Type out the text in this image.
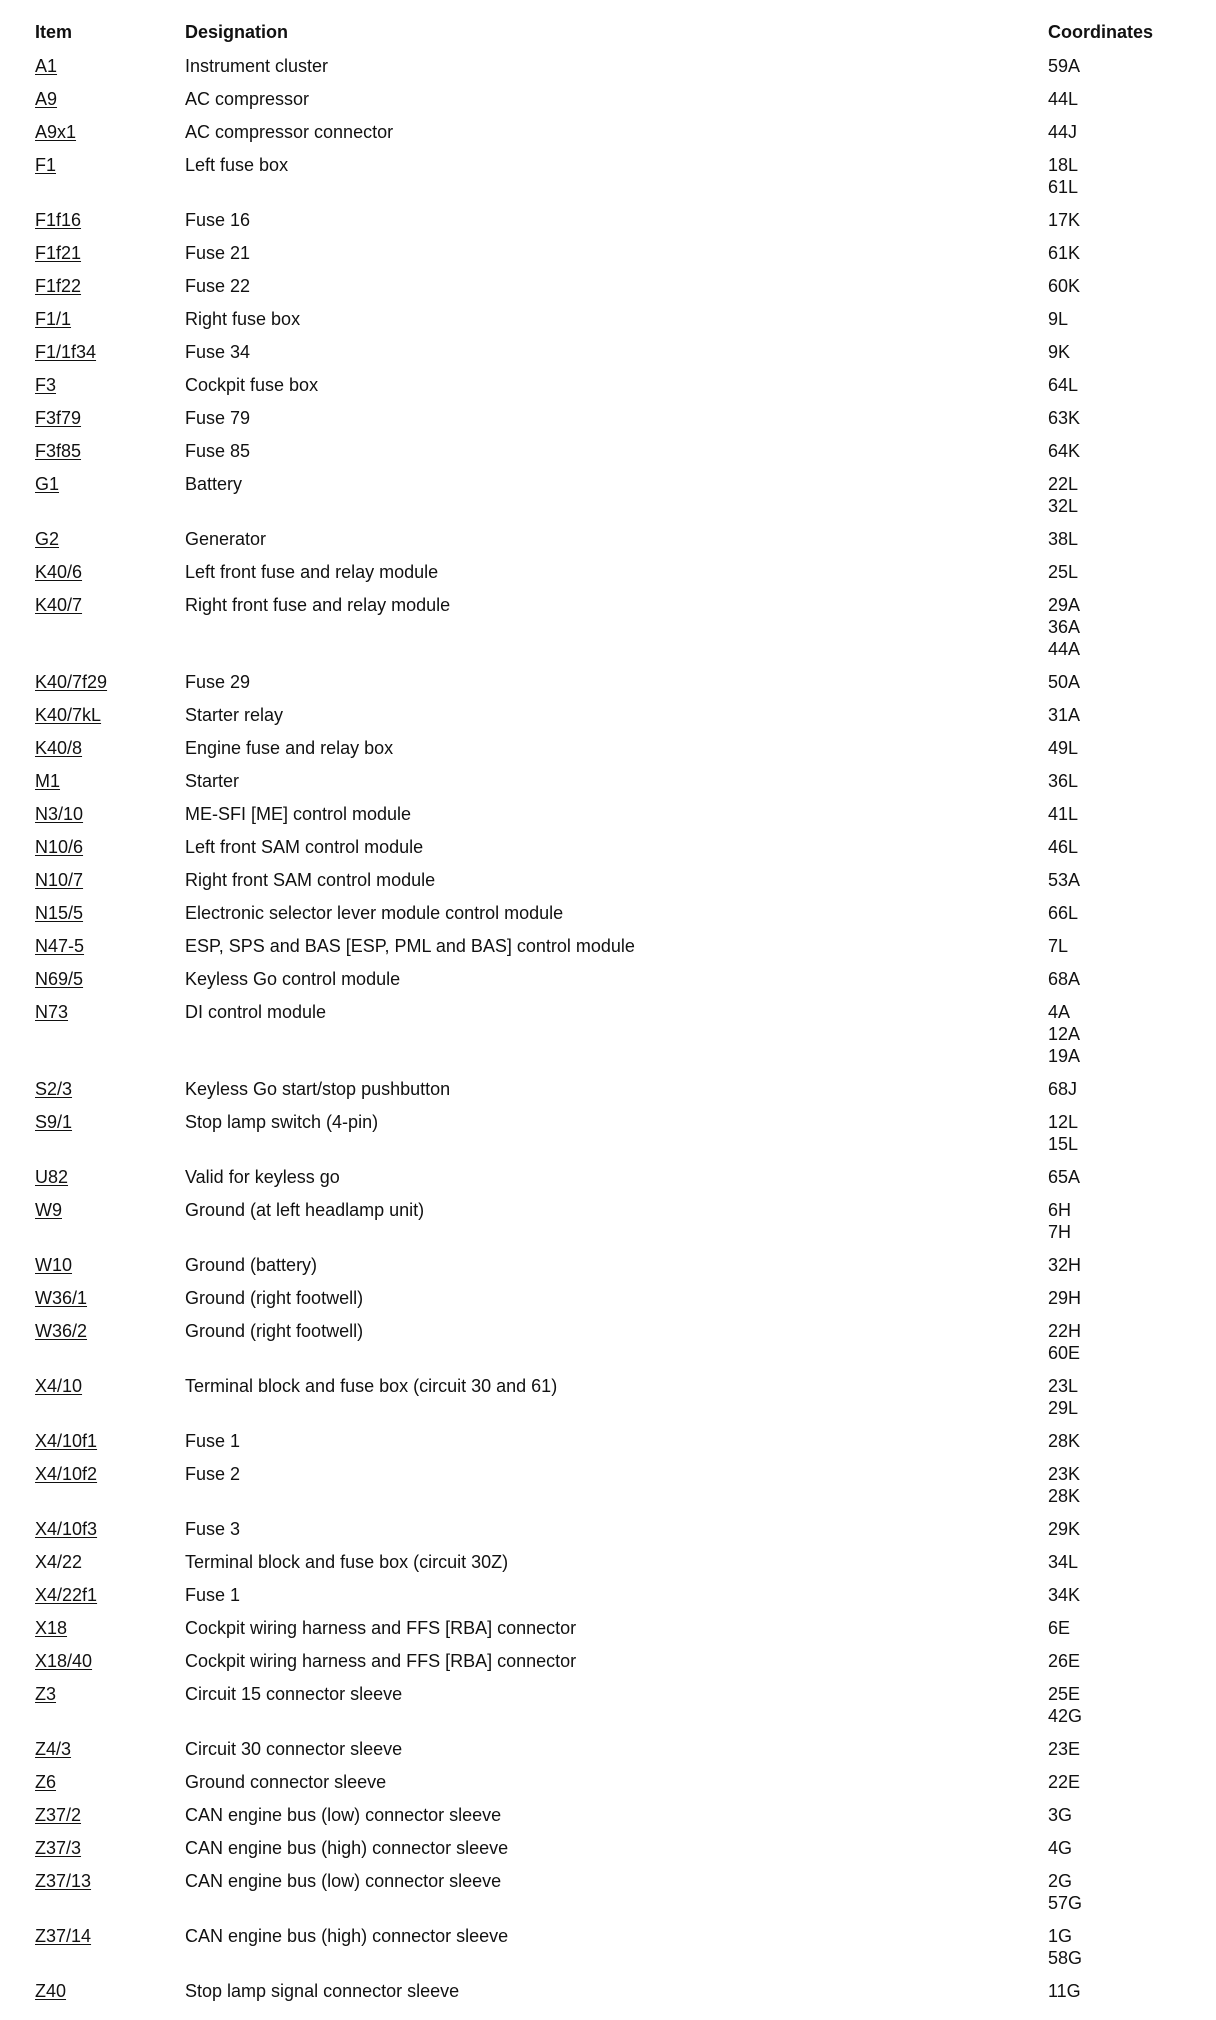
Item	Designation	Coordinates
A1	Instrument cluster	59A

A9	AC compressor	44L

A9x1	AC compressor connector	44J

F1	Left fuse box	18L
61L

F1f16	Fuse 16	17K

F1f21	Fuse 21	61K

F1f22	Fuse 22	60K

F1/1	Right fuse box	9L

F1/1f34	Fuse 34	9K

F3	Cockpit fuse box	64L

F3f79	Fuse 79	63K

F3f85	Fuse 85	64K

G1	Battery	22L
32L

G2	Generator	38L

K40/6	Left front fuse and relay module	25L

K40/7	Right front fuse and relay module	29A
36A
44A

K40/7f29	Fuse 29	50A

K40/7kL	Starter relay	31A

K40/8	Engine fuse and relay box	49L

M1	Starter	36L

N3/10	ME-SFI [ME] control module	41L

N10/6	Left front SAM control module	46L

N10/7	Right front SAM control module	53A

N15/5	Electronic selector lever module control module	66L

N47-5	ESP, SPS and BAS [ESP, PML and BAS] control module	7L

N69/5	Keyless Go control module	68A

N73	DI control module	4A
12A
19A

S2/3	Keyless Go start/stop pushbutton	68J

S9/1	Stop lamp switch (4-pin)	12L
15L

U82	Valid for keyless go	65A

W9	Ground (at left headlamp unit)	6H
7H

W10	Ground (battery)	32H

W36/1	Ground (right footwell)	29H

W36/2	Ground (right footwell)	22H
60E

X4/10	Terminal block and fuse box (circuit 30 and 61)	23L
29L

X4/10f1	Fuse 1	28K

X4/10f2	Fuse 2	23K
28K

X4/10f3	Fuse 3	29K

X4/22	Terminal block and fuse box (circuit 30Z)	34L

X4/22f1	Fuse 1	34K

X18	Cockpit wiring harness and FFS [RBA] connector	6E

X18/40	Cockpit wiring harness and FFS [RBA] connector	26E

Z3	Circuit 15 connector sleeve	25E
42G

Z4/3	Circuit 30 connector sleeve	23E

Z6	Ground connector sleeve	22E

Z37/2	CAN engine bus (low) connector sleeve	3G

Z37/3	CAN engine bus (high) connector sleeve	4G

Z37/13	CAN engine bus (low) connector sleeve	2G
57G

Z37/14	CAN engine bus (high) connector sleeve	1G
58G

Z40	Stop lamp signal connector sleeve	11G
